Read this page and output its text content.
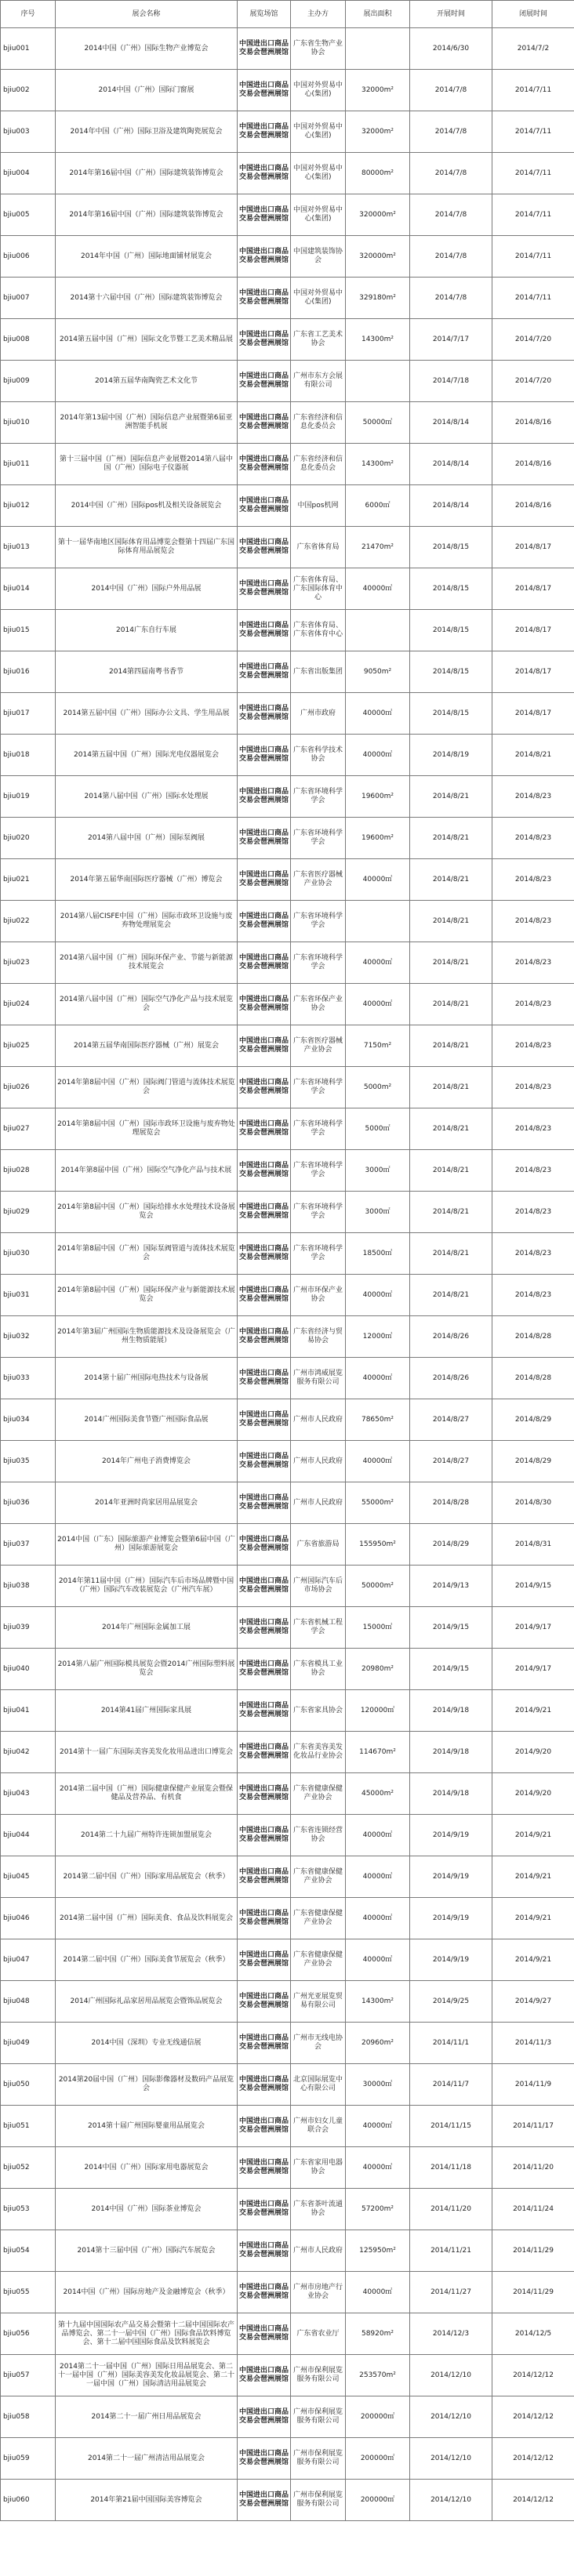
序号	展会名称	展览场馆	主办方	展出面积	开展时间	闭展时间
bjiu001	2014中国（广州）国际生物产业博览会	中国进出口商品交易会琶洲展馆	广东省生物产业协会		2014/6/30	2014/7/2
bjiu002	2014中国（广州）国际门窗展	中国进出口商品交易会琶洲展馆	中国对外贸易中心(集团)	32000m²	2014/7/8	2014/7/11
bjiu003	2014年中国（广州）国际卫浴及建筑陶瓷展览会	中国进出口商品交易会琶洲展馆	中国对外贸易中心(集团)	32000m²	2014/7/8	2014/7/11
bjiu004	2014年第16届中国（广州）国际建筑装饰博览会	中国进出口商品交易会琶洲展馆	中国对外贸易中心(集团)	80000m²	2014/7/8	2014/7/11
bjiu005	2014年第16届中国（广州）国际建筑装饰博览会	中国进出口商品交易会琶洲展馆	中国对外贸易中心(集团)	320000m²	2014/7/8	2014/7/11
bjiu006	2014年中国（广州）国际地面铺材展览会	中国进出口商品交易会琶洲展馆	中国建筑装饰协会	320000m²	2014/7/8	2014/7/11
bjiu007	2014第十六届中国（广州）国际建筑装饰博览会	中国进出口商品交易会琶洲展馆	中国对外贸易中心(集团)	329180m²	2014/7/8	2014/7/11
bjiu008	2014第五届中国（广州）国际文化节暨工艺美术精品展	中国进出口商品交易会琶洲展馆	广东省工艺美术协会	14300m²	2014/7/17	2014/7/20
bjiu009	2014第五届华南陶瓷艺术文化节	中国进出口商品交易会琶洲展馆	广州市东方会展有限公司		2014/7/18	2014/7/20
bjiu010	2014年第13届中国（广州）国际信息产业展暨第6届亚洲智能手机展	中国进出口商品交易会琶洲展馆	广东省经济和信息化委员会	50000㎡	2014/8/14	2014/8/16
bjiu011	第十三届中国（广州）国际信息产业展暨2014第八届中国（广州）国际电子仪器展	中国进出口商品交易会琶洲展馆	广东省经济和信息化委员会	14300m²	2014/8/14	2014/8/16
bjiu012	2014中国（广州）国际pos机及相关设备展览会	中国进出口商品交易会琶洲展馆	中国pos机网	6000㎡	2014/8/14	2014/8/16
bjiu013	第十一届华南地区国际体育用品博览会暨第十四届广东国际体育用品展览会	中国进出口商品交易会琶洲展馆	广东省体育局	21470m²	2014/8/15	2014/8/17
bjiu014	2014中国（广州）国际户外用品展	中国进出口商品交易会琶洲展馆	广东省体育局、广东国际体育中心	40000㎡	2014/8/15	2014/8/17
bjiu015	2014广东自行车展	中国进出口商品交易会琶洲展馆	广东省体育局、广东省体育中心		2014/8/15	2014/8/17
bjiu016	2014第四届南粤书香节	中国进出口商品交易会琶洲展馆	广东省出版集团	9050m²	2014/8/15	2014/8/17
bjiu017	2014第五届中国（广州）国际办公文具、学生用品展	中国进出口商品交易会琶洲展馆	广州市政府	40000㎡	2014/8/15	2014/8/17
bjiu018	2014第五届中国（广州）国际光电仪器展览会	中国进出口商品交易会琶洲展馆	广东省科学技术协会	40000㎡	2014/8/19	2014/8/21
bjiu019	2014第八届中国（广州）国际水处理展	中国进出口商品交易会琶洲展馆	广东省环境科学学会	19600m²	2014/8/21	2014/8/23
bjiu020	2014第八届中国（广州）国际泵阀展	中国进出口商品交易会琶洲展馆	广东省环境科学学会	19600m²	2014/8/21	2014/8/23
bjiu021	2014年第五届华南国际医疗器械（广州）博览会	中国进出口商品交易会琶洲展馆	广东省医疗器械产业协会	40000㎡	2014/8/21	2014/8/23
bjiu022	2014第八届CISFE中国（广州）国际市政环卫设施与废弃物处理展览会	中国进出口商品交易会琶洲展馆	广东省环境科学学会		2014/8/21	2014/8/23
bjiu023	2014第八届中国（广州）国际环保产业、节能与新能源技术展览会	中国进出口商品交易会琶洲展馆	广东省环境科学学会	40000㎡	2014/8/21	2014/8/23
bjiu024	2014第八届中国（广州）国际空气净化产品与技术展览会	中国进出口商品交易会琶洲展馆	广东省环保产业协会	40000㎡	2014/8/21	2014/8/23
bjiu025	2014第五届华南国际医疗器械（广州）展览会	中国进出口商品交易会琶洲展馆	广东省医疗器械产业协会	7150m²	2014/8/21	2014/8/23
bjiu026	2014年第8届中国（广州）国际阀门管道与流体技术展览会	中国进出口商品交易会琶洲展馆	广东省环境科学学会	5000m²	2014/8/21	2014/8/23
bjiu027	2014年第8届中国（广州）国际市政环卫设施与废弃物处理展览会	中国进出口商品交易会琶洲展馆	广东省环境科学学会	5000㎡	2014/8/21	2014/8/23
bjiu028	2014年第8届中国（广州）国际空气净化产品与技术展	中国进出口商品交易会琶洲展馆	广东省环境科学学会	3000㎡	2014/8/21	2014/8/23
bjiu029	2014年第8届中国（广州）国际给排水水处理技术设备展览会	中国进出口商品交易会琶洲展馆	广东省环境科学学会	3000㎡	2014/8/21	2014/8/23
bjiu030	2014年第8届中国（广州）国际泵阀管道与流体技术展览会	中国进出口商品交易会琶洲展馆	广东省环境科学学会	18500㎡	2014/8/21	2014/8/23
bjiu031	2014年第8届中国（广州）国际环保产业与新能源技术展览会	中国进出口商品交易会琶洲展馆	广州市环保产业协会	40000㎡	2014/8/21	2014/8/23
bjiu032	2014年第3届广州国际生物质能源技术及设备展览会（广州生物质能展）	中国进出口商品交易会琶洲展馆	广东省经济与贸易协会	12000㎡	2014/8/26	2014/8/28
bjiu033	2014第十届广州国际电热技术与设备展	中国进出口商品交易会琶洲展馆	广州市鸿威展览服务有限公司	40000㎡	2014/8/26	2014/8/28
bjiu034	2014广州国际美食节暨广州国际食品展	中国进出口商品交易会琶洲展馆	广州市人民政府	78650m²	2014/8/27	2014/8/29
bjiu035	2014年广州电子消费博览会	中国进出口商品交易会琶洲展馆	广州市人民政府	40000㎡	2014/8/27	2014/8/29
bjiu036	2014年亚洲时尚家居用品展览会	中国进出口商品交易会琶洲展馆	广州市人民政府	55000m²	2014/8/28	2014/8/30
bjiu037	2014中国（广东）国际旅游产业博览会暨第6届中国（广州）国际旅游展览会	中国进出口商品交易会琶洲展馆	广东省旅游局	155950m²	2014/8/29	2014/8/31
bjiu038	2014年第11届中国（广州）国际汽车后市场品牌暨中国（广州）国际汽车改装展览会（广州汽车展）	中国进出口商品交易会琶洲展馆	广州国际汽车后市场协会	50000m²	2014/9/13	2014/9/15
bjiu039	2014年广州国际金属加工展	中国进出口商品交易会琶洲展馆	广东省机械工程学会	15000㎡	2014/9/15	2014/9/17
bjiu040	2014第八届广州国际模具展览会暨2014广州国际塑料展览会	中国进出口商品交易会琶洲展馆	广东省模具工业协会	20980m²	2014/9/15	2014/9/17
bjiu041	2014第41届广州国际家具展	中国进出口商品交易会琶洲展馆	广东省家具协会	120000㎡	2014/9/18	2014/9/21
bjiu042	2014第十一届广东国际美容美发化妆用品进出口博览会	中国进出口商品交易会琶洲展馆	广东省美容美发化妆品行业协会	114670m²	2014/9/18	2014/9/20
bjiu043	2014第二届中国（广州）国际健康保健产业展览会暨保健品及营养品、有机食	中国进出口商品交易会琶洲展馆	广东省健康保健产业协会	45000m²	2014/9/18	2014/9/20
bjiu044	2014第二十九届广州特许连锁加盟展览会	中国进出口商品交易会琶洲展馆	广东省连锁经营协会	40000㎡	2014/9/19	2014/9/21
bjiu045	2014第二届中国（广州）国际家用品展览会（秋季）	中国进出口商品交易会琶洲展馆	广东省健康保健产业协会	40000㎡	2014/9/19	2014/9/21
bjiu046	2014第二届中国（广州）国际美食、食品及饮料展览会	中国进出口商品交易会琶洲展馆	广东省健康保健产业协会	40000㎡	2014/9/19	2014/9/21
bjiu047	2014第二届中国（广州）国际美食节展览会（秋季）	中国进出口商品交易会琶洲展馆	广东省健康保健产业协会	40000㎡	2014/9/19	2014/9/21
bjiu048	2014广州国际礼品家居用品展览会暨饰品展览会	中国进出口商品交易会琶洲展馆	广州光亚展览贸易有限公司	14300m²	2014/9/25	2014/9/27
bjiu049	2014中国（深圳）专业无线通信展	中国进出口商品交易会琶洲展馆	广州市无线电协会	20960m²	2014/11/1	2014/11/3
bjiu050	2014第20届中国（广州）国际影像器材及数码产品展览会	中国进出口商品交易会琶洲展馆	北京国际展览中心有限公司	30000㎡	2014/11/7	2014/11/9
bjiu051	2014第十届广州国际婴童用品展览会	中国进出口商品交易会琶洲展馆	广州市妇女儿童联合会	40000㎡	2014/11/15	2014/11/17
bjiu052	2014中国（广州）国际家用电器展览会	中国进出口商品交易会琶洲展馆	广东省家用电器协会	40000㎡	2014/11/18	2014/11/20
bjiu053	2014中国（广州）国际茶业博览会	中国进出口商品交易会琶洲展馆	广东省茶叶流通协会	57200m²	2014/11/20	2014/11/24
bjiu054	2014第十三届中国（广州）国际汽车展览会	中国进出口商品交易会琶洲展馆	广州市人民政府	125950m²	2014/11/21	2014/11/29
bjiu055	2014中国（广州）国际房地产及金融博览会（秋季）	中国进出口商品交易会琶洲展馆	广州市房地产行业协会	40000㎡	2014/11/27	2014/11/29
bjiu056	第十九届中国国际农产品交易会暨第十二届中国国际农产品博览会、第二十一届中国（广州）国际食品饮料博览会、第十二届中国国际食品及饮料展览会	中国进出口商品交易会琶洲展馆	广东省农业厅	58920m²	2014/12/3	2014/12/5
bjiu057	2014第二十一届中国（广州）国际日用品展览会、第二十一届中国（广州）国际美容美发化妆品展览会、第二十一届中国（广州）国际清洁用品展览会	中国进出口商品交易会琶洲展馆	广州市保利展览服务有限公司	253570m²	2014/12/10	2014/12/12
bjiu058	2014第二十一届广州日用品展览会	中国进出口商品交易会琶洲展馆	广州市保利展览服务有限公司	200000㎡	2014/12/10	2014/12/12
bjiu059	2014第二十一届广州清洁用品展览会	中国进出口商品交易会琶洲展馆	广州市保利展览服务有限公司	200000㎡	2014/12/10	2014/12/12
bjiu060	2014年第21届中国国际美容博览会	中国进出口商品交易会琶洲展馆	广州市保利展览服务有限公司	200000㎡	2014/12/10	2014/12/12
